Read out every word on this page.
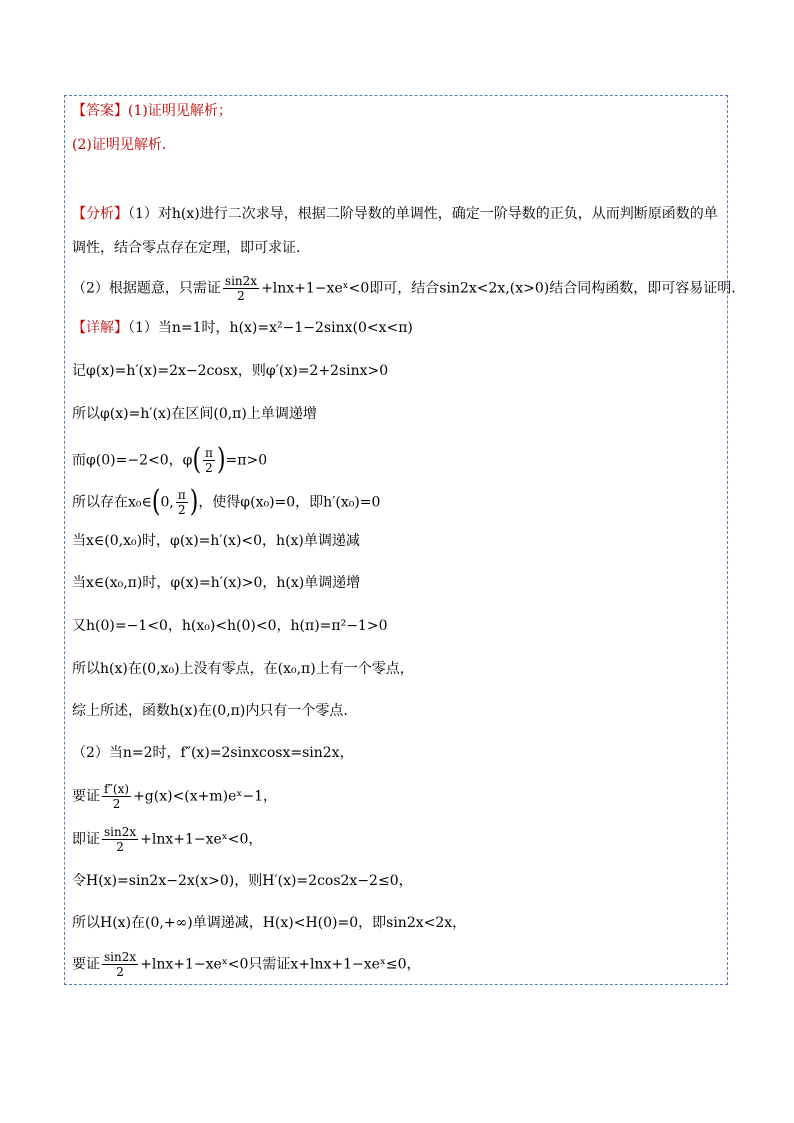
【答案】(1)证明见解析；
(2)证明见解析.
【分析】（1）对h(x)进行二次求导，根据二阶导数的单调性，确定一阶导数的正负，从而判断原函数的单调性，结合零点存在定理，即可求证.
（2）根据题意，只需证 $\frac{\sin 2x}{2}$ +lnx+1−xeˣ<0即可，结合sin2x<2x,(x>0)结合同构函数，即可容易证明.
【详解】（1）当n=1时，h(x)=x²−1−2sinx(0<x<π)
记φ(x)=h′(x)=2x−2cosx，则φ′(x)=2+2sinx>0
所以φ(x)=h′(x)在区间(0,π)上单调递增
而φ(0)=−2<0，$\varphi( \frac{\pi}{2} )=\pi>0$
所以存在x₀∈(0, $\frac{\pi}{2}$ )，使得φ(x₀)=0，即h′(x₀)=0
当x∈(0,x₀)时，φ(x)=h′(x)<0，h(x)单调递减
当x∈(x₀,π)时，φ(x)=h′(x)>0，h(x)单调递增
又h(0)=−1<0，h(x₀)<h(0)<0，h(π)=π²−1>0
所以h(x)在(0,x₀)上没有零点，在(x₀,π)上有一个零点，
综上所述，函数h(x)在(0,π)内只有一个零点.
（2）当n=2时，f″(x)=2sinxcosx=sin2x，
要证 $\frac{f''(x)}{2}$ +g(x)<(x+m)eˣ−1，
即证 $\frac{\sin 2x}{2}$ +lnx+1−xeˣ<0，
令H(x)=sin2x−2x(x>0)，则H′(x)=2cos2x−2≤0，
所以H(x)在(0,+∞)单调递减，H(x)<H(0)=0，即sin2x<2x，
要证 $\frac{\sin 2x}{2}$ +lnx+1−xeˣ<0只需证x+lnx+1−xeˣ≤0，
